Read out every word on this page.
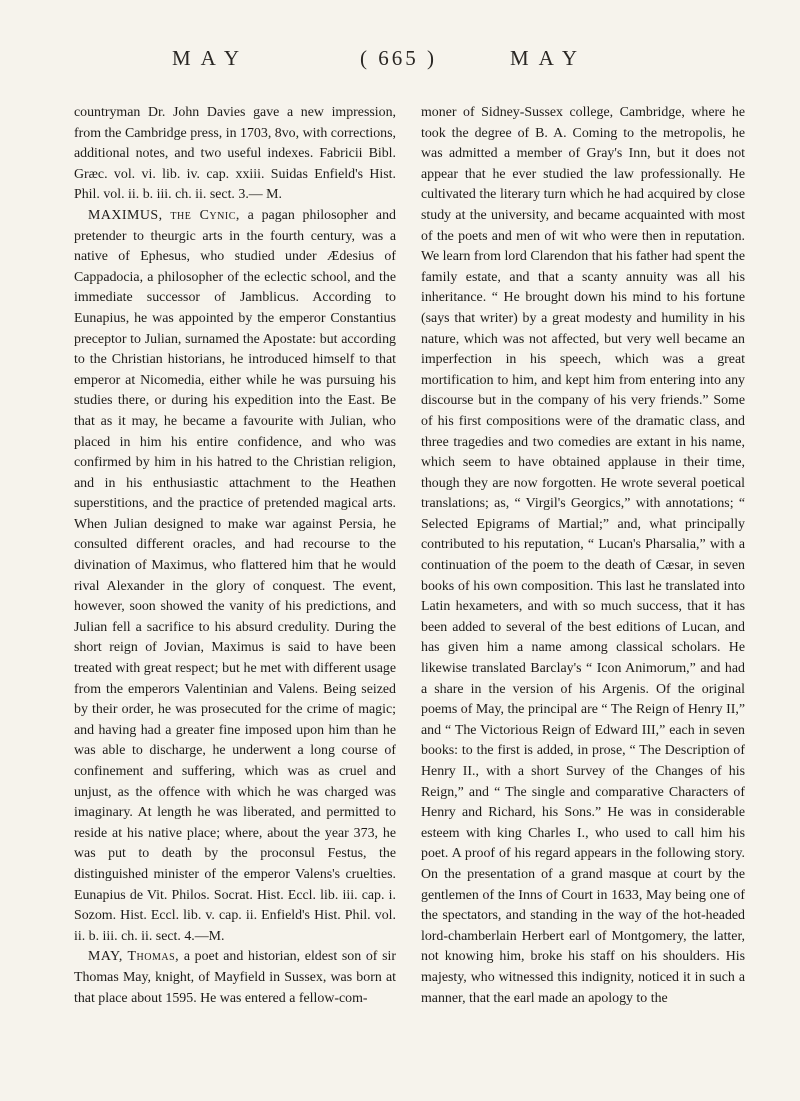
MAY	( 665 )	MAY

countryman Dr. John Davies gave a new impression, from the Cambridge press, in 1703, 8vo, with corrections, additional notes, and two useful indexes. Fabricii Bibl. Græc. vol. vi. lib. iv. cap. xxiii. Suidas Enfield's Hist. Phil. vol. ii. b. iii. ch. ii. sect. 3.— M.

MAXIMUS, the Cynic, a pagan philosopher and pretender to theurgic arts in the fourth century, was a native of Ephesus, who studied under Ædesius of Cappadocia, a philosopher of the eclectic school, and the immediate successor of Jamblicus. According to Eunapius, he was appointed by the emperor Constantius preceptor to Julian, surnamed the Apostate: but according to the Christian historians, he introduced himself to that emperor at Nicomedia, either while he was pursuing his studies there, or during his expedition into the East. Be that as it may, he became a favourite with Julian, who placed in him his entire confidence, and who was confirmed by him in his hatred to the Christian religion, and in his enthusiastic attachment to the Heathen superstitions, and the practice of pretended magical arts. When Julian designed to make war against Persia, he consulted different oracles, and had recourse to the divination of Maximus, who flattered him that he would rival Alexander in the glory of conquest. The event, however, soon showed the vanity of his predictions, and Julian fell a sacrifice to his absurd credulity. During the short reign of Jovian, Maximus is said to have been treated with great respect; but he met with different usage from the emperors Valentinian and Valens. Being seized by their order, he was prosecuted for the crime of magic; and having had a greater fine imposed upon him than he was able to discharge, he underwent a long course of confinement and suffering, which was as cruel and unjust, as the offence with which he was charged was imaginary. At length he was liberated, and permitted to reside at his native place; where, about the year 373, he was put to death by the proconsul Festus, the distinguished minister of the emperor Valens's cruelties. Eunapius de Vit. Philos. Socrat. Hist. Eccl. lib. iii. cap. i. Sozom. Hist. Eccl. lib. v. cap. ii. Enfield's Hist. Phil. vol. ii. b. iii. ch. ii. sect. 4.—M.

MAY, Thomas, a poet and historian, eldest son of sir Thomas May, knight, of Mayfield in Sussex, was born at that place about 1595. He was entered a fellow-com-

moner of Sidney-Sussex college, Cambridge, where he took the degree of B. A. Coming to the metropolis, he was admitted a member of Gray's Inn, but it does not appear that he ever studied the law professionally. He cultivated the literary turn which he had acquired by close study at the university, and became acquainted with most of the poets and men of wit who were then in reputation. We learn from lord Clarendon that his father had spent the family estate, and that a scanty annuity was all his inheritance. “ He brought down his mind to his fortune (says that writer) by a great modesty and humility in his nature, which was not affected, but very well became an imperfection in his speech, which was a great mortification to him, and kept him from entering into any discourse but in the company of his very friends.” Some of his first compositions were of the dramatic class, and three tragedies and two comedies are extant in his name, which seem to have obtained applause in their time, though they are now forgotten. He wrote several poetical translations; as, “ Virgil's Georgics,” with annotations; “ Selected Epigrams of Martial;” and, what principally contributed to his reputation, “ Lucan's Pharsalia,” with a continuation of the poem to the death of Cæsar, in seven books of his own composition. This last he translated into Latin hexameters, and with so much success, that it has been added to several of the best editions of Lucan, and has given him a name among classical scholars. He likewise translated Barclay's “ Icon Animorum,” and had a share in the version of his Argenis. Of the original poems of May, the principal are “ The Reign of Henry II,” and “ The Victorious Reign of Edward III,” each in seven books: to the first is added, in prose, “ The Description of Henry II., with a short Survey of the Changes of his Reign,” and “ The single and comparative Characters of Henry and Richard, his Sons.” He was in considerable esteem with king Charles I., who used to call him his poet. A proof of his regard appears in the following story. On the presentation of a grand masque at court by the gentlemen of the Inns of Court in 1633, May being one of the spectators, and standing in the way of the hot-headed lord-chamberlain Herbert earl of Montgomery, the latter, not knowing him, broke his staff on his shoulders. His majesty, who witnessed this indignity, noticed it in such a manner, that the earl made an apology to the
